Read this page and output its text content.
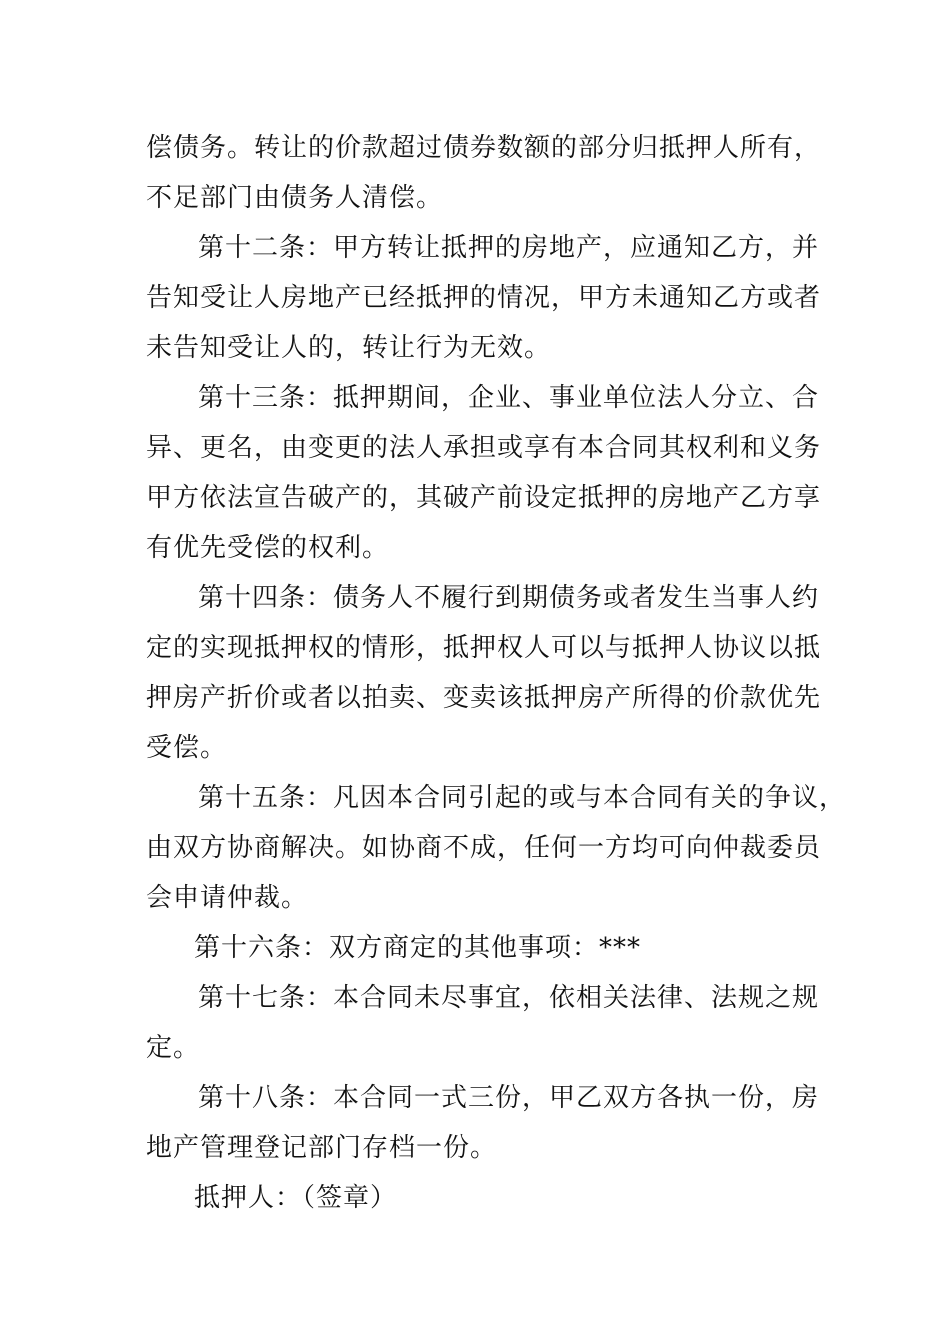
偿债务。转让的价款超过债券数额的部分归抵押人所有，

不足部门由债务人清偿。

第十二条：甲方转让抵押的房地产，应通知乙方，并

告知受让人房地产已经抵押的情况，甲方未通知乙方或者

未告知受让人的，转让行为无效。

第十三条：抵押期间，企业、事业单位法人分立、合

异、更名，由变更的法人承担或享有本合同其权利和义务

甲方依法宣告破产的，其破产前设定抵押的房地产乙方享

有优先受偿的权利。

第十四条：债务人不履行到期债务或者发生当事人约

定的实现抵押权的情形，抵押权人可以与抵押人协议以抵

押房产折价或者以拍卖、变卖该抵押房产所得的价款优先

受偿。

第十五条：凡因本合同引起的或与本合同有关的争议，

由双方协商解决。如协商不成，任何一方均可向仲裁委员

会申请仲裁。

第十六条：双方商定的其他事项：***

第十七条：本合同未尽事宜，依相关法律、法规之规

定。

第十八条：本合同一式三份，甲乙双方各执一份，房

地产管理登记部门存档一份。

抵押人：（签章）
